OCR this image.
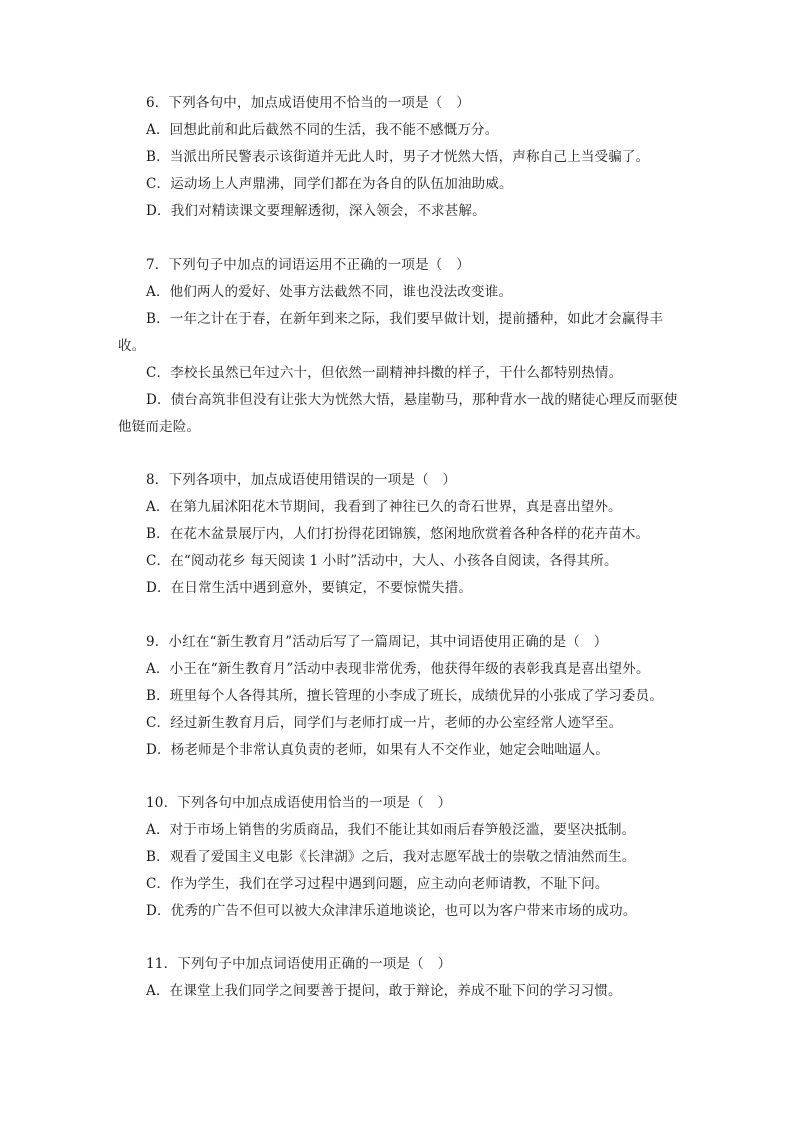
6．下列各句中，加点成语使用不恰当的一项是（　）
A．回想此前和此后截然不同的生活，我不能不感慨万分。
B．当派出所民警表示该街道并无此人时，男子才恍然大悟，声称自己上当受骗了。
C．运动场上人声鼎沸，同学们都在为各自的队伍加油助威。
D．我们对精读课文要理解透彻，深入领会，不求甚解。
7．下列句子中加点的词语运用不正确的一项是（　）
A．他们两人的爱好、处事方法截然不同，谁也没法改变谁。
B．一年之计在于春，在新年到来之际，我们要早做计划，提前播种，如此才会赢得丰收。
C．李校长虽然已年过六十，但依然一副精神抖擞的样子，干什么都特别热情。
D．债台高筑非但没有让张大为恍然大悟，悬崖勒马，那种背水一战的赌徒心理反而驱使他铤而走险。
8．下列各项中，加点成语使用错误的一项是（　）
A．在第九届沭阳花木节期间，我看到了神往已久的奇石世界，真是喜出望外。
B．在花木盆景展厅内，人们打扮得花团锦簇，悠闲地欣赏着各种各样的花卉苗木。
C．在“阅动花乡 每天阅读 1 小时”活动中，大人、小孩各自阅读，各得其所。
D．在日常生活中遇到意外，要镇定，不要惊慌失措。
9．小红在“新生教育月”活动后写了一篇周记，其中词语使用正确的是（　）
A．小王在“新生教育月”活动中表现非常优秀，他获得年级的表彰我真是喜出望外。
B．班里每个人各得其所，擅长管理的小李成了班长，成绩优异的小张成了学习委员。
C．经过新生教育月后，同学们与老师打成一片，老师的办公室经常人迹罕至。
D．杨老师是个非常认真负责的老师，如果有人不交作业，她定会咄咄逼人。
10．下列各句中加点成语使用恰当的一项是（　）
A．对于市场上销售的劣质商品，我们不能让其如雨后春笋般泛滥，要坚决抵制。
B．观看了爱国主义电影《长津湖》之后，我对志愿军战士的崇敬之情油然而生。
C．作为学生，我们在学习过程中遇到问题，应主动向老师请教，不耻下问。
D．优秀的广告不但可以被大众津津乐道地谈论，也可以为客户带来市场的成功。
11．下列句子中加点词语使用正确的一项是（　）
A．在课堂上我们同学之间要善于提问，敢于辩论，养成不耻下问的学习习惯。
